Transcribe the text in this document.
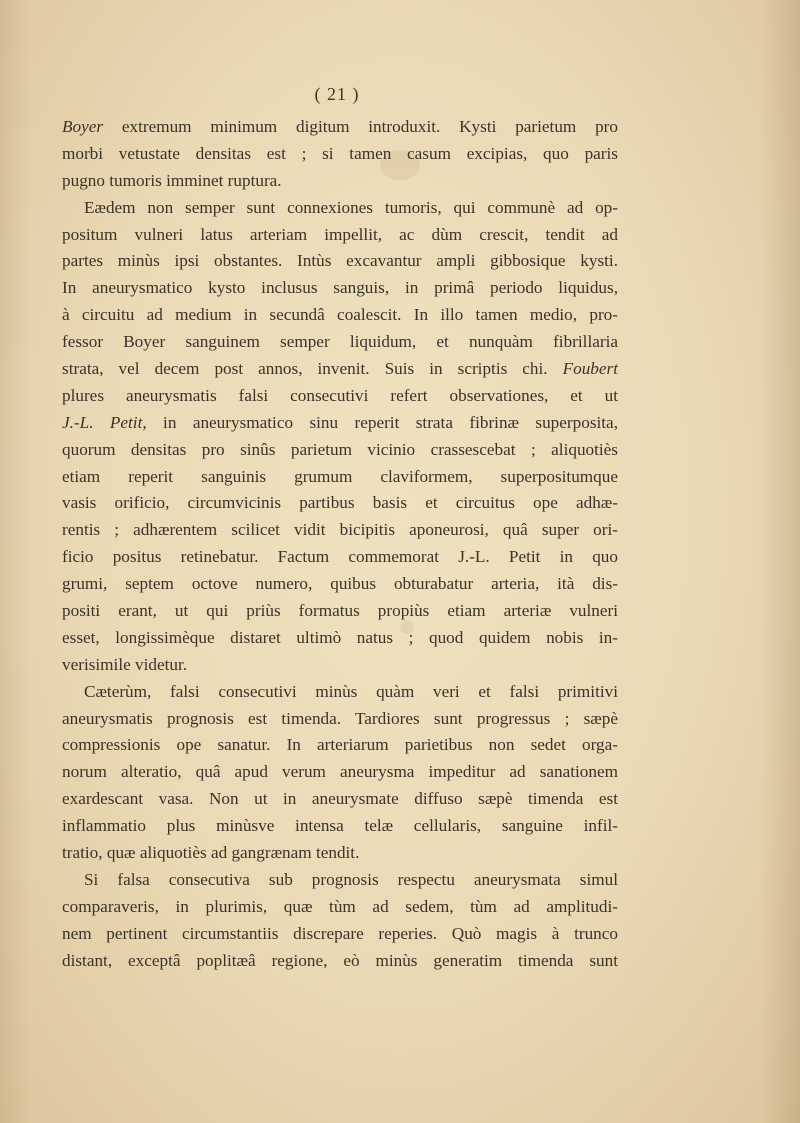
( 21 )
Boyer extremum minimum digitum introduxit. Kysti parietum pro
morbi vetustate densitas est ; si tamen casum excipias, quo paris
pugno tumoris imminet ruptura.
Eædem non semper sunt connexiones tumoris, qui communè ad op-
positum vulneri latus arteriam impellit, ac dùm crescit, tendit ad
partes minùs ipsi obstantes. Intùs excavantur ampli gibbosique kysti.
In aneurysmatico kysto inclusus sanguis, in primâ periodo liquidus,
à circuitu ad medium in secundâ coalescit. In illo tamen medio, pro-
fessor Boyer sanguinem semper liquidum, et nunquàm fibrillaria
strata, vel decem post annos, invenit. Suis in scriptis chi. Foubert
plures aneurysmatis falsi consecutivi refert observationes, et ut
J.-L. Petit, in aneurysmatico sinu reperit strata fibrinæ superposita,
quorum densitas pro sinûs parietum vicinio crassescebat ; aliquotiès
etiam reperit sanguinis grumum claviformem, superpositumque
vasis orificio, circumvicinis partibus basis et circuitus ope adhæ-
rentis ; adhærentem scilicet vidit bicipitis aponeurosi, quâ super ori-
ficio positus retinebatur. Factum commemorat J.-L. Petit in quo
grumi, septem octove numero, quibus obturabatur arteria, ità dis-
positi erant, ut qui priùs formatus propiùs etiam arteriæ vulneri
esset, longissimèque distaret ultimò natus ; quod quidem nobis in-
verisimile videtur.
Cæterùm, falsi consecutivi minùs quàm veri et falsi primitivi
aneurysmatis prognosis est timenda. Tardiores sunt progressus ; sæpè
compressionis ope sanatur. In arteriarum parietibus non sedet orga-
norum alteratio, quâ apud verum aneurysma impeditur ad sanationem
exardescant vasa. Non ut in aneurysmate diffuso sæpè timenda est
inflammatio plus minùsve intensa telæ cellularis, sanguine infil-
tratio, quæ aliquotiès ad gangrænam tendit.
Si falsa consecutiva sub prognosis respectu aneurysmata simul
comparaveris, in plurimis, quæ tùm ad sedem, tùm ad amplitudi-
nem pertinent circumstantiis discrepare reperies. Quò magis à trunco
distant, exceptâ poplitæâ regione, eò minùs generatim timenda sunt
